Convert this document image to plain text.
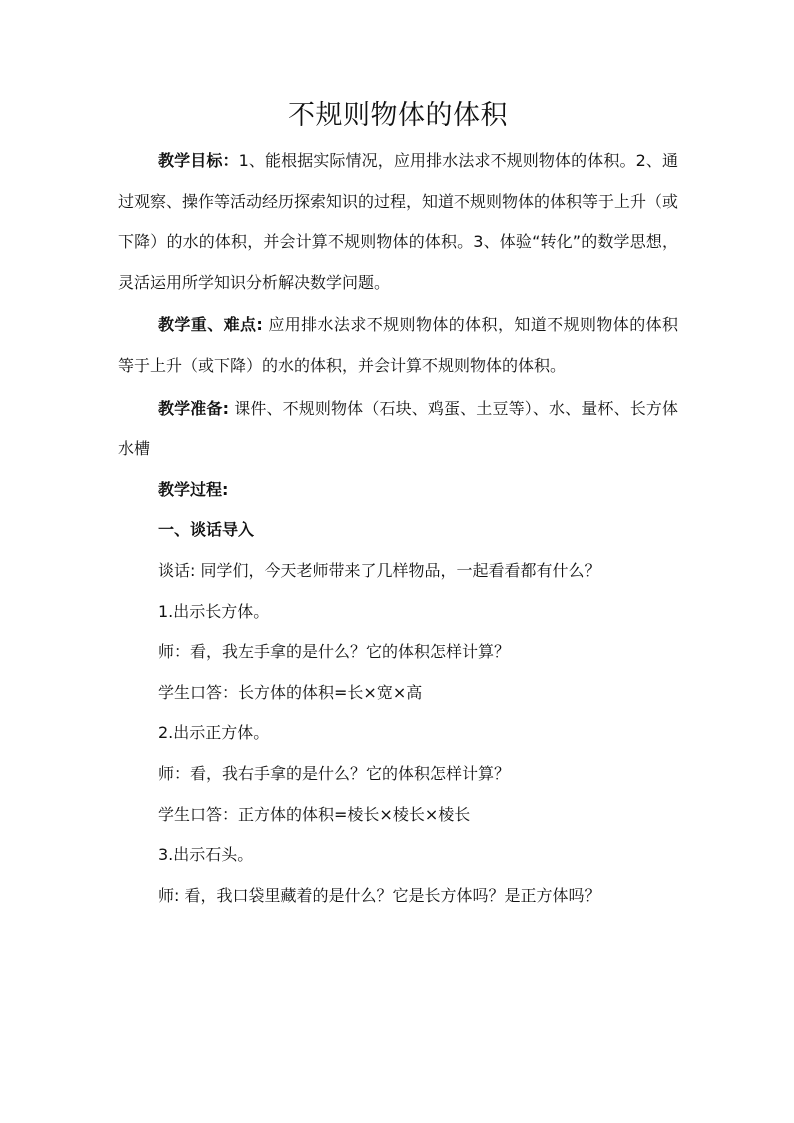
不规则物体的体积

教学目标：1、能根据实际情况，应用排水法求不规则物体的体积。2、通过观察、操作等活动经历探索知识的过程，知道不规则物体的体积等于上升（或下降）的水的体积，并会计算不规则物体的体积。3、体验“转化”的数学思想，灵活运用所学知识分析解决数学问题。

教学重、难点: 应用排水法求不规则物体的体积，知道不规则物体的体积等于上升（或下降）的水的体积，并会计算不规则物体的体积。

教学准备: 课件、不规则物体（石块、鸡蛋、土豆等）、水、量杯、长方体水槽

教学过程:

一、谈话导入

谈话: 同学们，今天老师带来了几样物品，一起看看都有什么？

1.出示长方体。

师：看，我左手拿的是什么？它的体积怎样计算？

学生口答：长方体的体积=长×宽×高

2.出示正方体。

师：看，我右手拿的是什么？它的体积怎样计算？

学生口答：正方体的体积=棱长×棱长×棱长

3.出示石头。

师: 看，我口袋里藏着的是什么？它是长方体吗？是正方体吗？
